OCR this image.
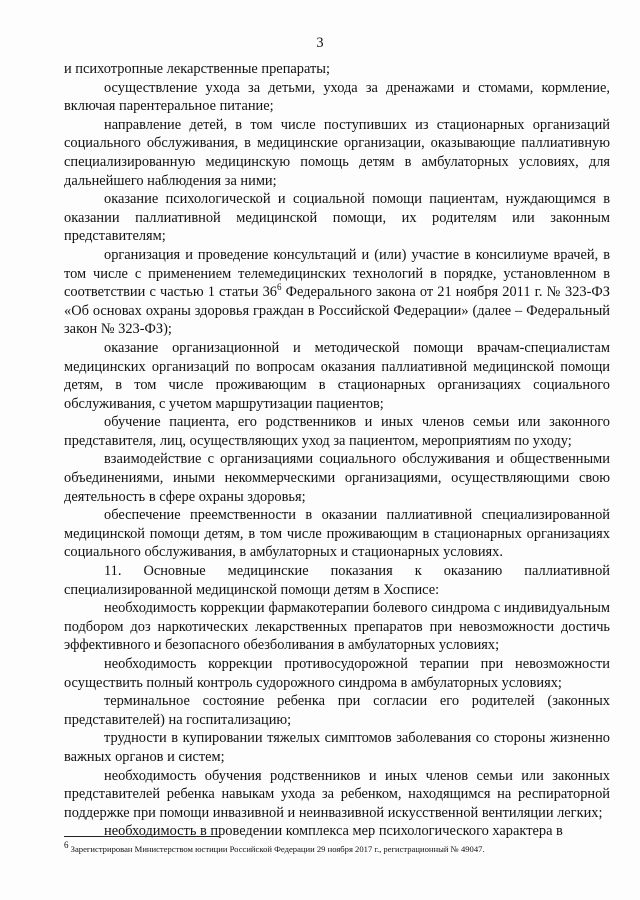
3

и психотропные лекарственные препараты;

осуществление ухода за детьми, ухода за дренажами и стомами, кормление, включая парентеральное питание;

направление детей, в том числе поступивших из стационарных организаций социального обслуживания, в медицинские организации, оказывающие паллиативную специализированную медицинскую помощь детям в амбулаторных условиях, для дальнейшего наблюдения за ними;

оказание психологической и социальной помощи пациентам, нуждающимся в оказании паллиативной медицинской помощи, их родителям или законным представителям;

организация и проведение консультаций и (или) участие в консилиуме врачей, в том числе с применением телемедицинских технологий в порядке, установленном в соответствии с частью 1 статьи $36^6$ Федерального закона от 21 ноября 2011 г. № 323-ФЗ «Об основах охраны здоровья граждан в Российской Федерации» (далее – Федеральный закон № 323-ФЗ);

оказание организационной и методической помощи врачам-специалистам медицинских организаций по вопросам оказания паллиативной медицинской помощи детям, в том числе проживающим в стационарных организациях социального обслуживания, с учетом маршрутизации пациентов;

обучение пациента, его родственников и иных членов семьи или законного представителя, лиц, осуществляющих уход за пациентом, мероприятиям по уходу;

взаимодействие с организациями социального обслуживания и общественными объединениями, иными некоммерческими организациями, осуществляющими свою деятельность в сфере охраны здоровья;

обеспечение преемственности в оказании паллиативной специализированной медицинской помощи детям, в том числе проживающим в стационарных организациях социального обслуживания, в амбулаторных и стационарных условиях.

11. Основные медицинские показания к оказанию паллиативной специализированной медицинской помощи детям в Хосписе:

необходимость коррекции фармакотерапии болевого синдрома с индивидуальным подбором доз наркотических лекарственных препаратов при невозможности достичь эффективного и безопасного обезболивания в амбулаторных условиях;

необходимость коррекции противосудорожной терапии при невозможности осуществить полный контроль судорожного синдрома в амбулаторных условиях;

терминальное состояние ребенка при согласии его родителей (законных представителей) на госпитализацию;

трудности в купировании тяжелых симптомов заболевания со стороны жизненно важных органов и систем;

необходимость обучения родственников и иных членов семьи или законных представителей ребенка навыкам ухода за ребенком, находящимся на респираторной поддержке при помощи инвазивной и неинвазивной искусственной вентиляции легких;

необходимость в проведении комплекса мер психологического характера в

$^6$ Зарегистрирован Министерством юстиции Российской Федерации 29 ноября 2017 г., регистрационный № 49047.
